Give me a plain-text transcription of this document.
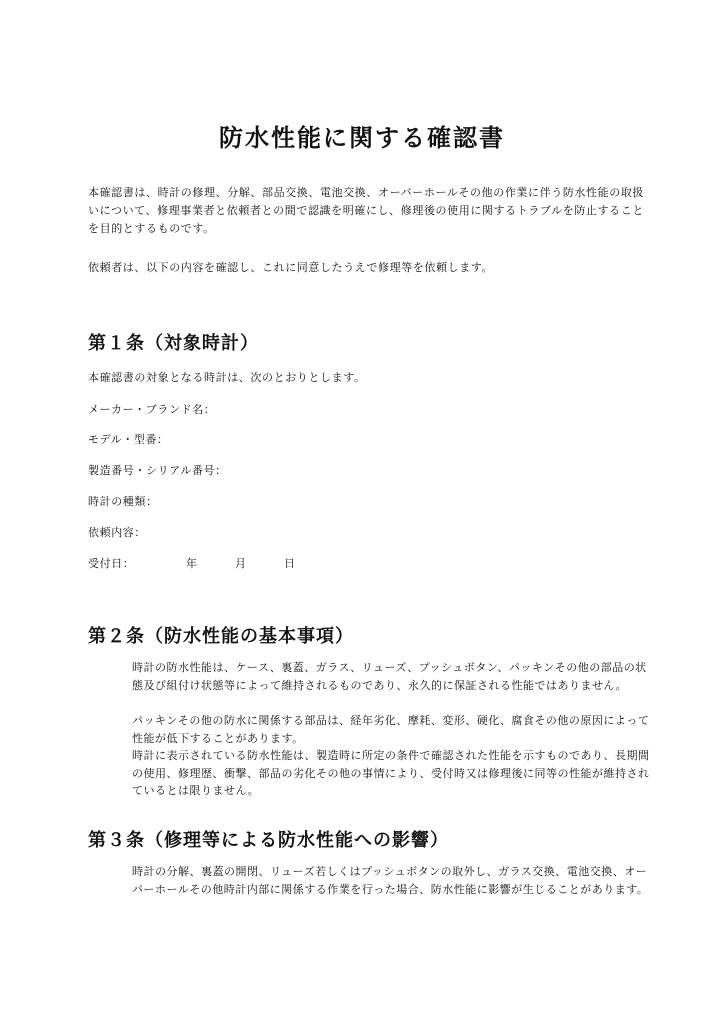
防水性能に関する確認書

本確認書は、時計の修理、分解、部品交換、電池交換、オーバーホールその他の作業に伴う防水性能の取扱いについて、修理事業者と依頼者との間で認識を明確にし、修理後の使用に関するトラブルを防止することを目的とするものです。

依頼者は、以下の内容を確認し、これに同意したうえで修理等を依頼します。

第１条（対象時計）

本確認書の対象となる時計は、次のとおりとします。

メーカー・ブランド名：

モデル・型番：

製造番号・シリアル番号：

時計の種類：

依頼内容：

受付日：	年	月	日
第２条（防水性能の基本事項）

時計の防水性能は、ケース、裏蓋、ガラス、リューズ、プッシュボタン、パッキンその他の部品の状態及び組付け状態等によって維持されるものであり、永久的に保証される性能ではありません。

パッキンその他の防水に関係する部品は、経年劣化、摩耗、変形、硬化、腐食その他の原因によって性能が低下することがあります。

時計に表示されている防水性能は、製造時に所定の条件で確認された性能を示すものであり、長期間の使用、修理歴、衝撃、部品の劣化その他の事情により、受付時又は修理後に同等の性能が維持されているとは限りません。

第３条（修理等による防水性能への影響）

時計の分解、裏蓋の開閉、リューズ若しくはプッシュボタンの取外し、ガラス交換、電池交換、オーバーホールその他時計内部に関係する作業を行った場合、防水性能に影響が生じることがあります。
